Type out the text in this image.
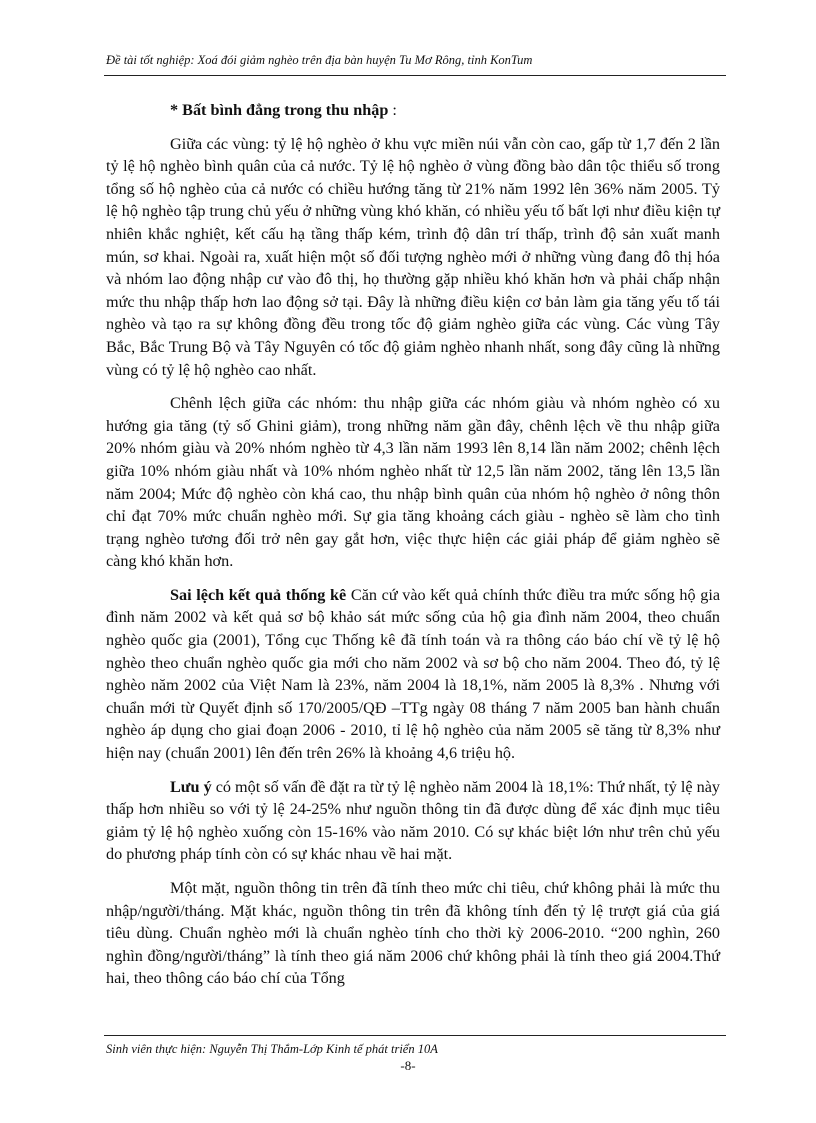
Đề tài tốt nghiệp: Xoá đói giảm nghèo trên địa bàn huyện Tu Mơ Rông, tỉnh KonTum

* Bất bình đẳng trong thu nhập :

Giữa các vùng: tỷ lệ hộ nghèo ở khu vực miền núi vẫn còn cao, gấp từ 1,7 đến 2 lần tỷ lệ hộ nghèo bình quân của cả nước. Tỷ lệ hộ nghèo ở vùng đồng bào dân tộc thiểu số trong tổng số hộ nghèo của cả nước có chiều hướng tăng từ 21% năm 1992 lên 36% năm 2005. Tỷ lệ hộ nghèo tập trung chủ yếu ở những vùng khó khăn, có nhiều yếu tố bất lợi như điều kiện tự nhiên khắc nghiệt, kết cấu hạ tầng thấp kém, trình độ dân trí thấp, trình độ sản xuất manh mún, sơ khai. Ngoài ra, xuất hiện một số đối tượng nghèo mới ở những vùng đang đô thị hóa và nhóm lao động nhập cư vào đô thị, họ thường gặp nhiều khó khăn hơn và phải chấp nhận mức thu nhập thấp hơn lao động sở tại. Đây là những điều kiện cơ bản làm gia tăng yếu tố tái nghèo và tạo ra sự không đồng đều trong tốc độ giảm nghèo giữa các vùng. Các vùng Tây Bắc, Bắc Trung Bộ và Tây Nguyên có tốc độ giảm nghèo nhanh nhất, song đây cũng là những vùng có tỷ lệ hộ nghèo cao nhất.

Chênh lệch giữa các nhóm: thu nhập giữa các nhóm giàu và nhóm nghèo có xu hướng gia tăng (tỷ số Ghini giảm), trong những năm gần đây, chênh lệch về thu nhập giữa 20% nhóm giàu và 20% nhóm nghèo từ 4,3 lần năm 1993 lên 8,14 lần năm 2002; chênh lệch giữa 10% nhóm giàu nhất và 10% nhóm nghèo nhất từ 12,5 lần năm 2002, tăng lên 13,5 lần năm 2004; Mức độ nghèo còn khá cao, thu nhập bình quân của nhóm hộ nghèo ở nông thôn chỉ đạt 70% mức chuẩn nghèo mới. Sự gia tăng khoảng cách giàu - nghèo sẽ làm cho tình trạng nghèo tương đối trở nên gay gắt hơn, việc thực hiện các giải pháp để giảm nghèo sẽ càng khó khăn hơn.

Sai lệch kết quả thống kê Căn cứ vào kết quả chính thức điều tra mức sống hộ gia đình năm 2002 và kết quả sơ bộ khảo sát mức sống của hộ gia đình năm 2004, theo chuẩn nghèo quốc gia (2001), Tổng cục Thống kê đã tính toán và ra thông cáo báo chí về tỷ lệ hộ nghèo theo chuẩn nghèo quốc gia mới cho năm 2002 và sơ bộ cho năm 2004. Theo đó, tỷ lệ nghèo năm 2002 của Việt Nam là 23%, năm 2004 là 18,1%, năm 2005 là 8,3% . Nhưng với chuẩn mới từ Quyết định số 170/2005/QĐ –TTg ngày 08 tháng 7 năm 2005 ban hành chuẩn nghèo áp dụng cho giai đoạn 2006 - 2010, tỉ lệ hộ nghèo của năm 2005 sẽ tăng từ 8,3% như hiện nay (chuẩn 2001) lên đến trên 26% là khoảng 4,6 triệu hộ.

Lưu ý có một số vấn đề đặt ra từ tỷ lệ nghèo năm 2004 là 18,1%: Thứ nhất, tỷ lệ này thấp hơn nhiều so với tỷ lệ 24-25% như nguồn thông tin đã được dùng để xác định mục tiêu giảm tỷ lệ hộ nghèo xuống còn 15-16% vào năm 2010. Có sự khác biệt lớn như trên chủ yếu do phương pháp tính còn có sự khác nhau về hai mặt.

Một mặt, nguồn thông tin trên đã tính theo mức chi tiêu, chứ không phải là mức thu nhập/người/tháng. Mặt khác, nguồn thông tin trên đã không tính đến tỷ lệ trượt giá của giá tiêu dùng. Chuẩn nghèo mới là chuẩn nghèo tính cho thời kỳ 2006-2010. “200 nghìn, 260 nghìn đồng/người/tháng” là tính theo giá năm 2006 chứ không phải là tính theo giá 2004.Thứ hai, theo thông cáo báo chí của Tổng

Sinh viên thực hiện: Nguyễn Thị Thắm-Lớp Kinh tế phát triển 10A
-8-
